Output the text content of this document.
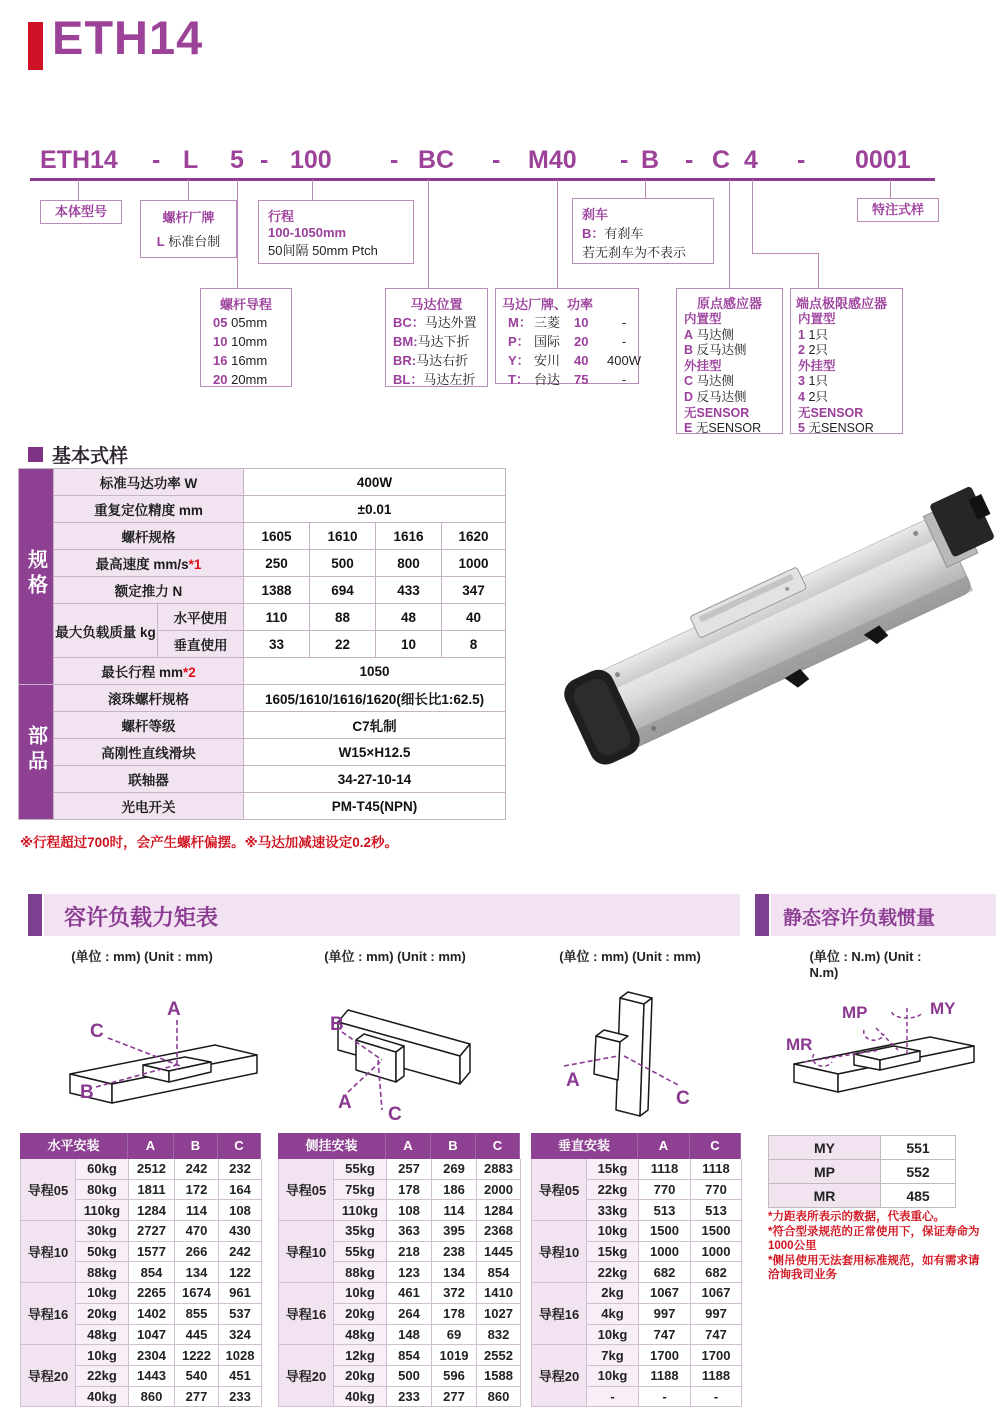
ETH14
ETH14 - L 5 - 100 - BC - M40 - B - C 4 - 0001
本体型号	螺杆厂牌
L 标准台制
行程
100-1050mm
50间隔 50mm Ptch
刹车
B：有刹车
若无刹车为不表示
特注式样
螺杆导程
05 05mm
10 10mm
16 16mm
20 20mm
马达位置
BC：马达外置
BM:马达下折
BR:马达右折
BL：马达左折
马达厂牌、功率
M： 三菱	10	-
P： 国际	20	-
Y： 安川	40	400W
T： 台达	75	-
原点感应器
内置型
A 马达侧
B 反马达侧
外挂型
C 马达侧
D 反马达侧
无SENSOR
E 无SENSOR
端点极限感应器
内置型
1 1只
2 2只
外挂型
3 1只
4 2只
无SENSOR
5 无SENSOR
基本式样
规格	标准马达功率 W		400W			
	重复定位精度 mm		±0.01			
	螺杆规格		1605	1610	1616	1620
	最高速度 mm/s*1		250	500	800	1000
	额定推力 N		1388	694	433	347
	最大负载质量 kg	水平使用	110	88	48	40
		垂直使用	33	22	10	8
	最长行程 mm*2		1050			
部品	滚珠螺杆规格		1605/1610/1616/1620(细长比1:62.5)			
	螺杆等级		C7轧制			
	高刚性直线滑块		W15×H12.5			
	联轴器		34-27-10-14			
	光电开关		PM-T45(NPN)			
※行程超过700时，会产生螺杆偏摆。※马达加减速设定0.2秒。
容许负载力矩表	静态容许负载惯量
(单位 : mm) (Unit : mm)	(单位 : mm) (Unit : mm)	(单位 : mm) (Unit : mm)	(单位 : N.m) (Unit : N.m)
A
C
B
B
A
C
A
C
MP	MY
MR
水平安装	A	B	C
导程05
60kg	2512	242	232
80kg	1811	172	164
110kg	1284	114	108
导程10
30kg	2727	470	430
50kg	1577	266	242
88kg	854	134	122
导程16
10kg	2265	1674	961
20kg	1402	855	537
48kg	1047	445	324
导程20
10kg	2304	1222	1028
22kg	1443	540	451
40kg	860	277	233
侧挂安装	A	B	C
导程05
55kg	257	269	2883
75kg	178	186	2000
110kg	108	114	1284
导程10
35kg	363	395	2368
55kg	218	238	1445
88kg	123	134	854
导程16
10kg	461	372	1410
20kg	264	178	1027
48kg	148	69	832
导程20
12kg	854	1019	2552
20kg	500	596	1588
40kg	233	277	860
垂直安装	A	C
导程05
15kg	1118	1118
22kg	770	770
33kg	513	513
导程10
10kg	1500	1500
15kg	1000	1000
22kg	682	682
导程16
2kg	1067	1067
4kg	997	997
10kg	747	747
导程20
7kg	1700	1700
10kg	1188	1188
-	-	-
MY	551
MP	552
MR	485
*力距表所表示的数据，代表重心。
*符合型录规范的正常使用下，保证寿命为
1000公里
*侧吊使用无法套用标准规范，如有需求请
洽询我司业务
